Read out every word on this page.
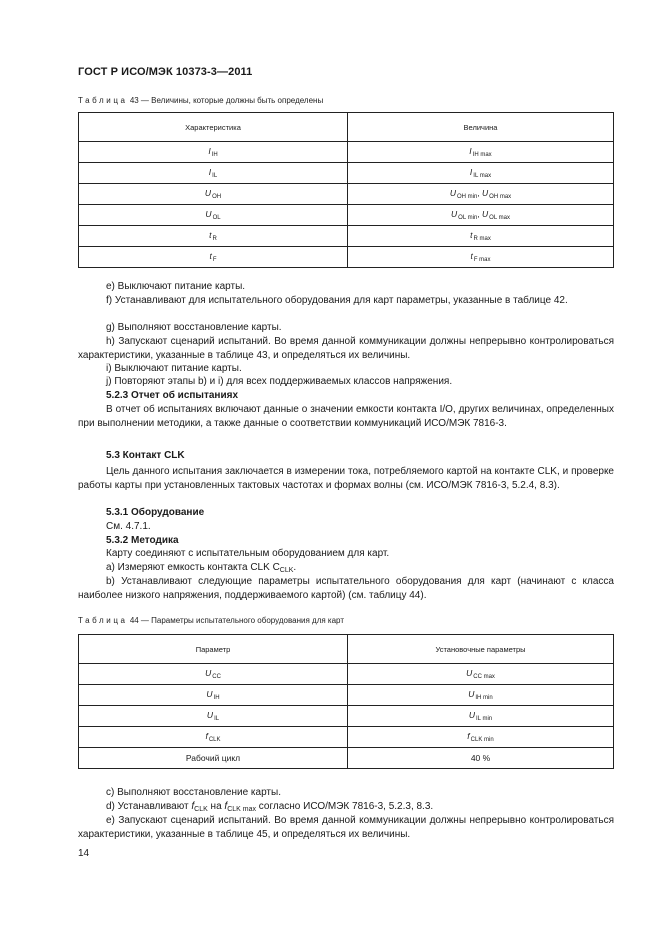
ГОСТ Р ИСО/МЭК 10373-3—2011
Таблица 43 — Величины, которые должны быть определены
Характеристика	Величина
$I_{IH}$	$I_{IH max}$
$I_{IL}$	$I_{IL max}$
$U_{OH}$	$U_{OH min}$, $U_{OH max}$
$U_{OL}$	$U_{OL min}$, $U_{OL max}$
$t_R$	$t_{R max}$
$t_F$	$t_{F max}$
e) Выключают питание карты.
f) Устанавливают для испытательного оборудования для карт параметры, указанные в таблице 42.
g) Выполняют восстановление карты.
h) Запускают сценарий испытаний. Во время данной коммуникации должны непрерывно контролироваться характеристики, указанные в таблице 43, и определяться их величины.
i) Выключают питание карты.
j) Повторяют этапы b) и i) для всех поддерживаемых классов напряжения.
5.2.3 Отчет об испытаниях
В отчет об испытаниях включают данные о значении емкости контакта I/O, других величинах, определенных при выполнении методики, а также данные о соответствии коммуникаций ИСО/МЭК 7816-3.
5.3 Контакт CLK
Цель данного испытания заключается в измерении тока, потребляемого картой на контакте CLK, и проверке работы карты при установленных тактовых частотах и формах волны (см. ИСО/МЭК 7816-3, 5.2.4, 8.3).
5.3.1 Оборудование
См. 4.7.1.
5.3.2 Методика
Карту соединяют с испытательным оборудованием для карт.
a) Измеряют емкость контакта CLK $C_{CLK}$.
b) Устанавливают следующие параметры испытательного оборудования для карт (начинают с класса наиболее низкого напряжения, поддерживаемого картой) (см. таблицу 44).
Таблица 44 — Параметры испытательного оборудования для карт
Параметр	Установочные параметры
$U_{CC}$	$U_{CC max}$
$U_{IH}$	$U_{IH min}$
$U_{IL}$	$U_{IL min}$
$f_{CLK}$	$f_{CLK min}$
Рабочий цикл	40 %
c) Выполняют восстановление карты.
d) Устанавливают $f_{CLK}$ на $f_{CLK max}$ согласно ИСО/МЭК 7816-3, 5.2.3, 8.3.
e) Запускают сценарий испытаний. Во время данной коммуникации должны непрерывно контролироваться характеристики, указанные в таблице 45, и определяться их величины.
14
